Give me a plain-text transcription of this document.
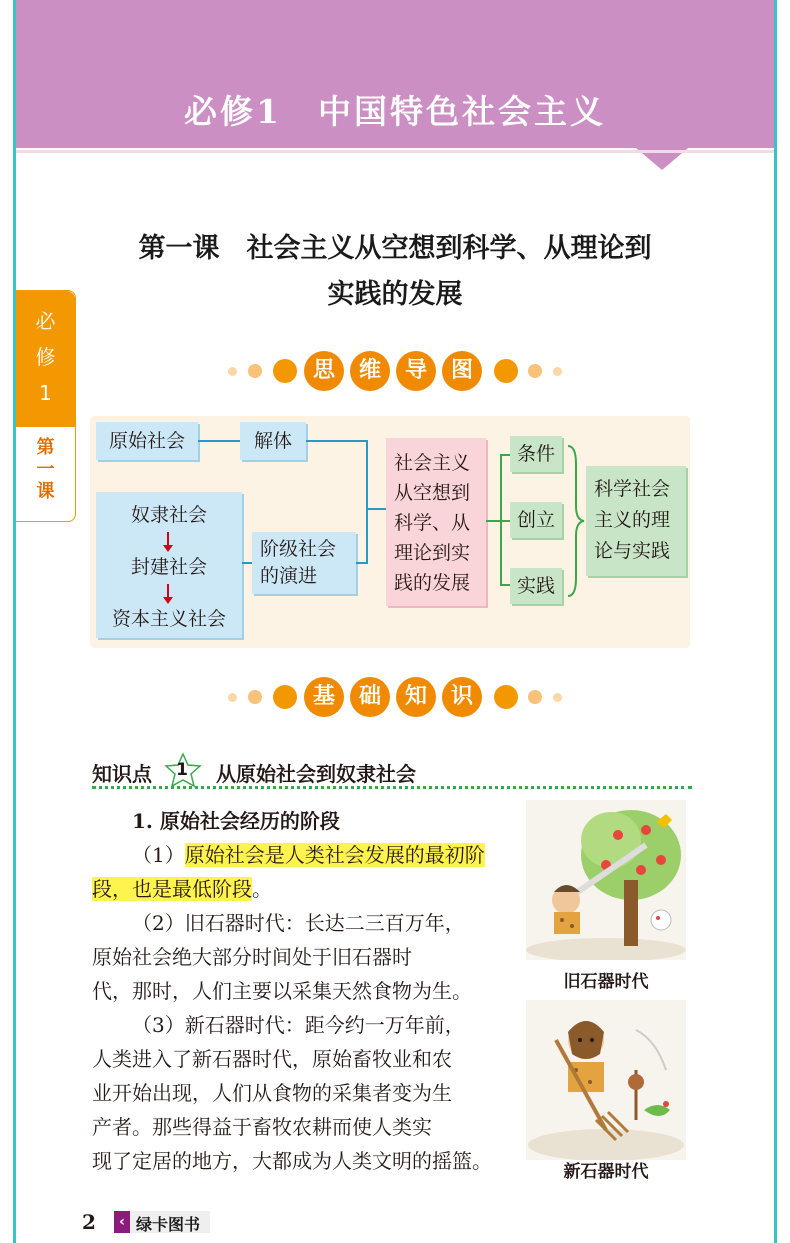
必修1　中国特色社会主义
第一课　社会主义从空想到科学、从理论到
实践的发展
必
修
1
第
一
课
思	维	导	图
原始社会	解体
奴隶社会
封建社会
资本主义社会
阶级社会
的演进
社会主义
从空想到
科学、从
理论到实
践的发展
条件
创立
实践
科学社会
主义的理
论与实践
基	础	知	识
知识点 1 从原始社会到奴隶社会
1. 原始社会经历的阶段
（1）原始社会是人类社会发展的最初阶段，也是最低阶段。
（2）旧石器时代：长达二三百万年，
原始社会绝大部分时间处于旧石器时
代，那时，人们主要以采集天然食物为生。
（3）新石器时代：距今约一万年前，
人类进入了新石器时代，原始畜牧业和农
业开始出现，人们从食物的采集者变为生
产者。那些得益于畜牧农耕而使人类实
现了定居的地方，大都成为人类文明的摇篮。
旧石器时代
新石器时代
2	‹ 绿卡图书
